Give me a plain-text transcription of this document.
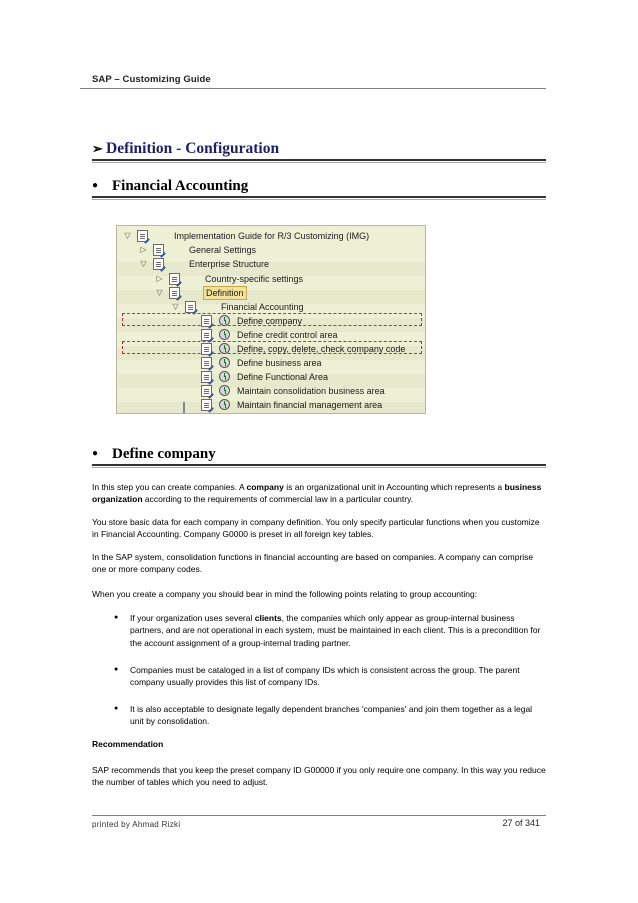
SAP – Customizing Guide
➢ Definition - Configuration
● Financial Accounting
▽	Implementation Guide for R/3 Customizing (IMG)
▷	General Settings
▽	Enterprise Structure
▷	Country-specific settings
▽	Definition
▽	Financial Accounting
Define company
Define credit control area
Define, copy, delete, check company code
Define business area
Define Functional Area
Maintain consolidation business area
Maintain financial management area
● Define company
In this step you can create companies. A company is an organizational unit in Accounting which represents a business organization according to the requirements of commercial law in a particular country.
You store basic data for each company in company definition. You only specify particular functions when you customize in Financial Accounting. Company G0000 is preset in all foreign key tables.
In the SAP system, consolidation functions in financial accounting are based on companies. A company can comprise one or more company codes.
When you create a company you should bear in mind the following points relating to group accounting:
● If your organization uses several clients, the companies which only appear as group-internal business partners, and are not operational in each system, must be maintained in each client. This is a precondition for the account assignment of a group-internal trading partner.
● Companies must be cataloged in a list of company IDs which is consistent across the group. The parent company usually provides this list of company IDs.
● It is also acceptable to designate legally dependent branches 'companies' and join them together as a legal unit by consolidation.
Recommendation
SAP recommends that you keep the preset company ID G00000 if you only require one company. In this way you reduce the number of tables which you need to adjust.
printed by Ahmad Rizki	27 of 341
